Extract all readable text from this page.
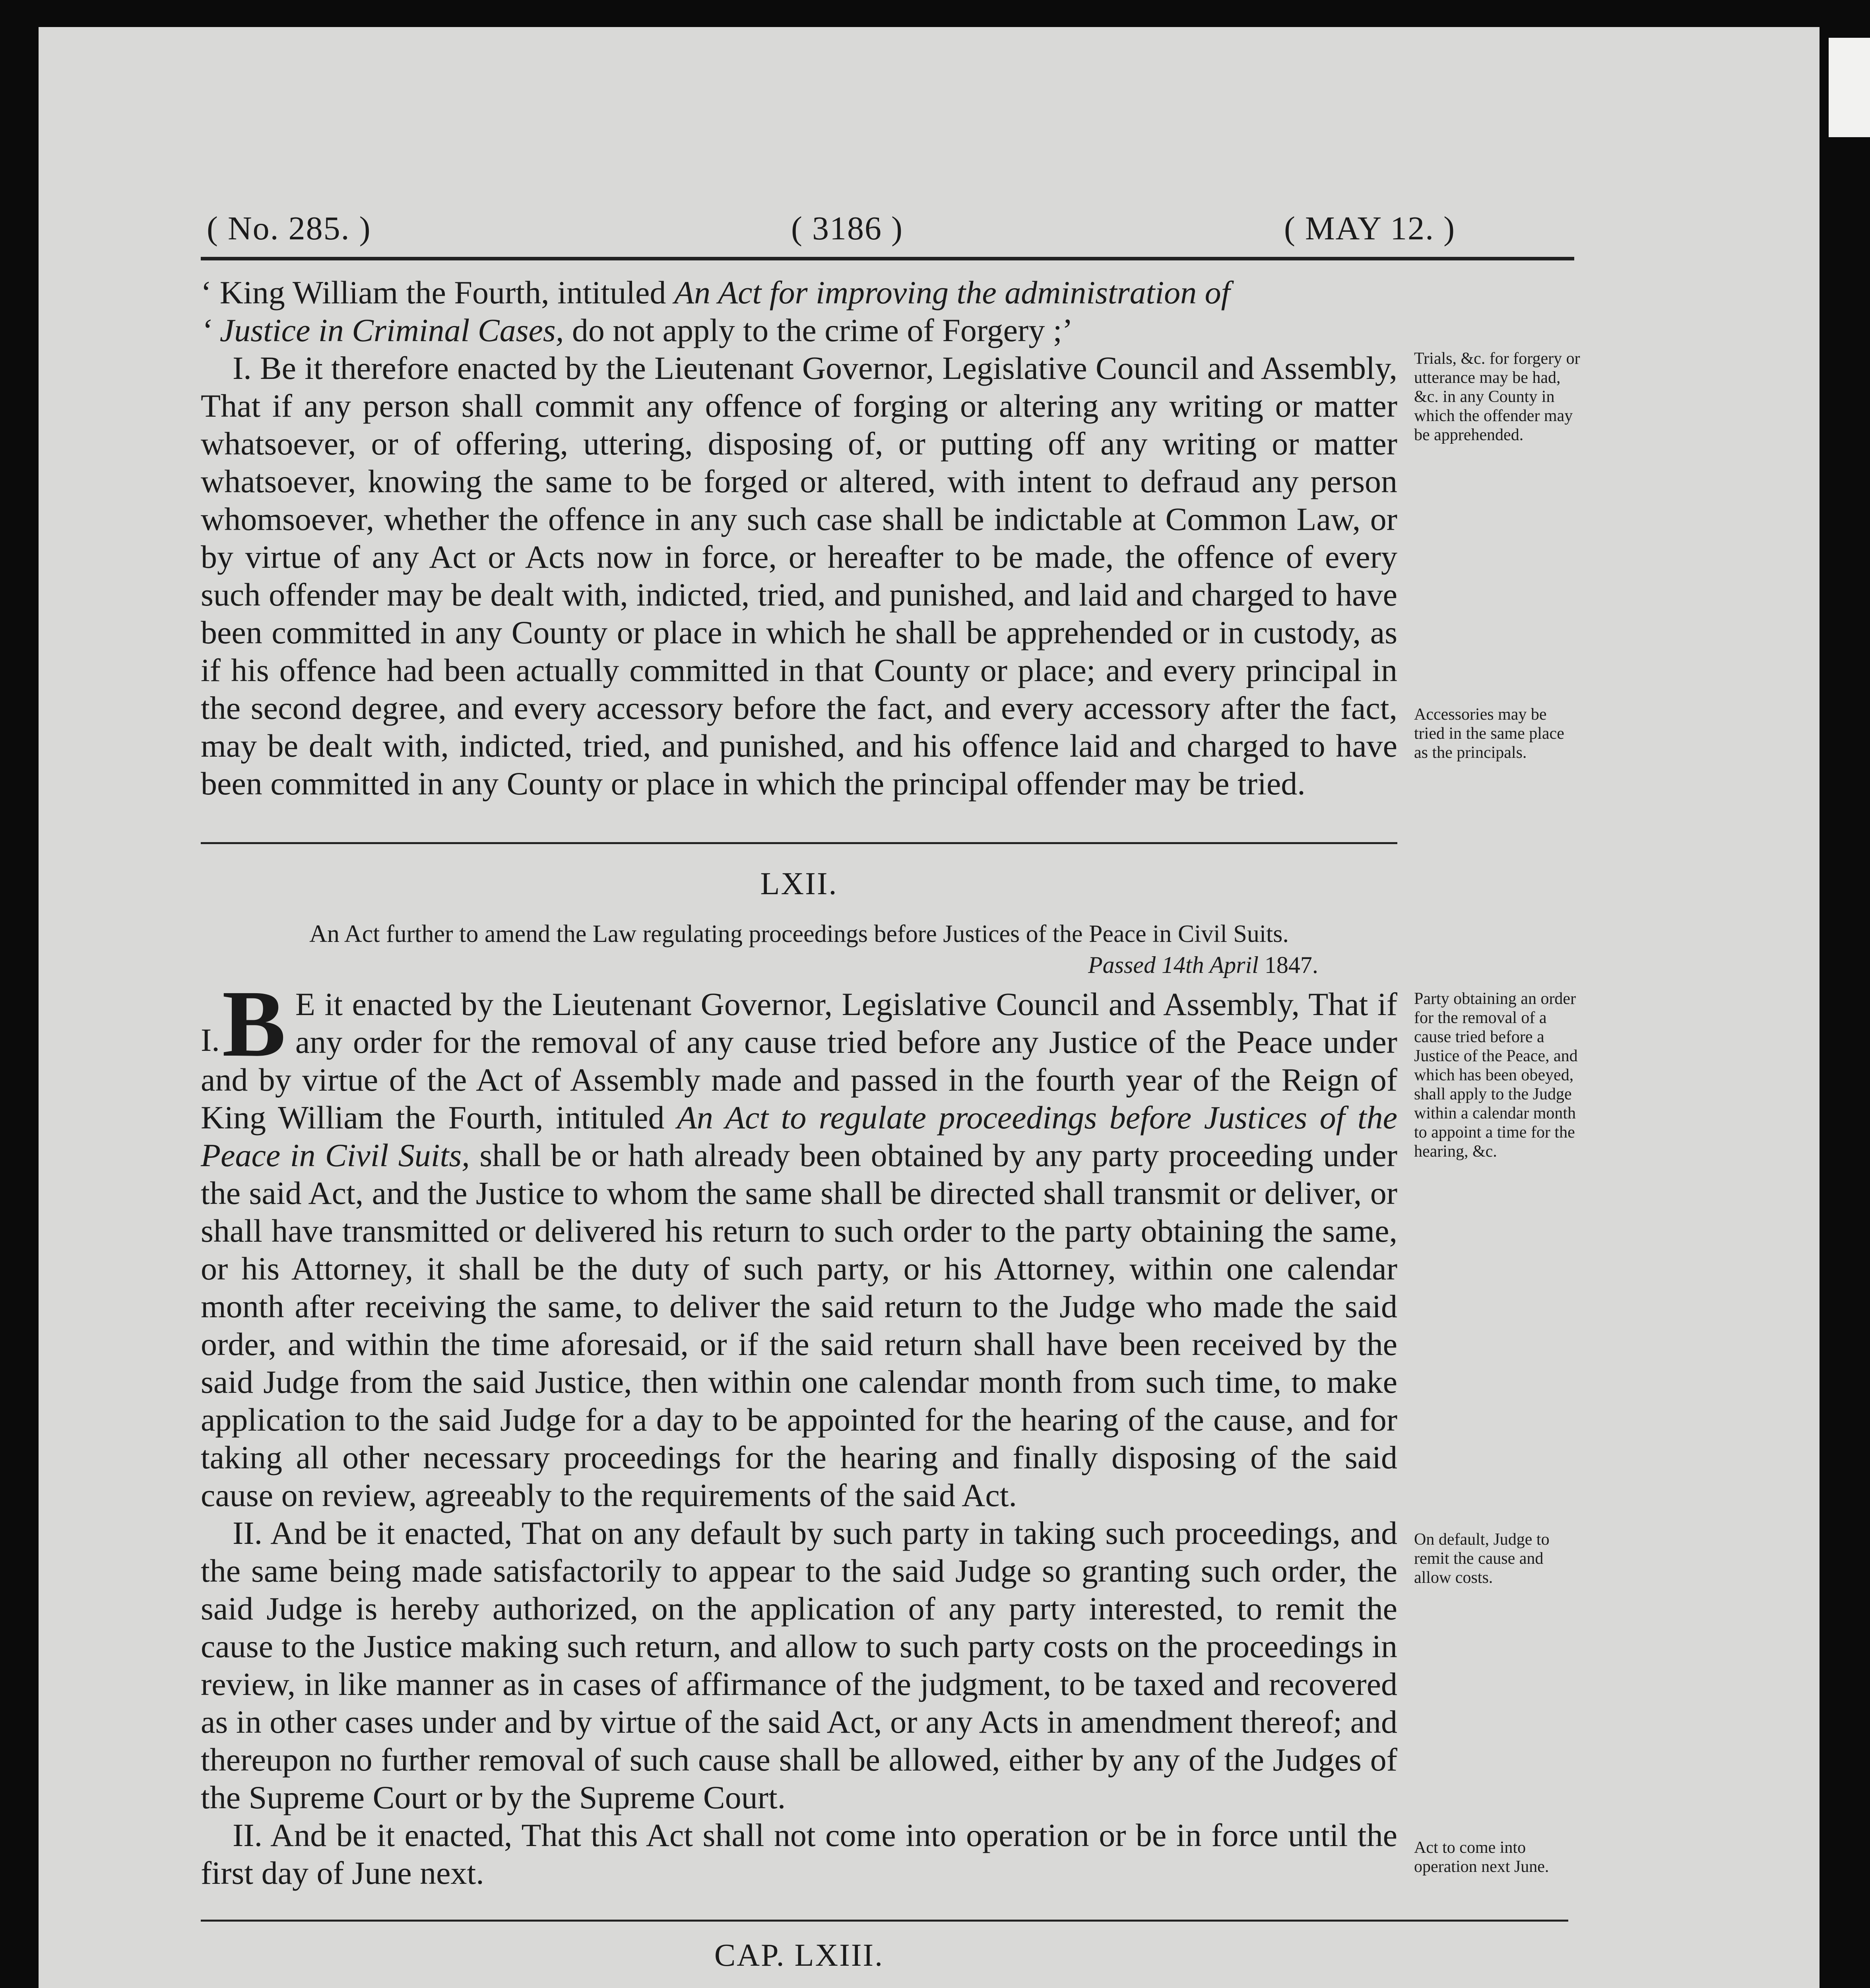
( No. 285. )	( 3186 )	( MAY 12. )

‘ King William the Fourth, intituled An Act for improving the administration of

‘ Justice in Criminal Cases, do not apply to the crime of Forgery ;’

I. Be it therefore enacted by the Lieutenant Governor, Legislative Council and Assembly, That if any person shall commit any offence of forging or altering any writing or matter whatsoever, or of offering, uttering, disposing of, or putting off any writing or matter whatsoever, knowing the same to be forged or altered, with intent to defraud any person whomsoever, whether the offence in any such case shall be indictable at Common Law, or by virtue of any Act or Acts now in force, or hereafter to be made, the offence of every such offender may be dealt with, indicted, tried, and punished, and laid and charged to have been committed in any County or place in which he shall be apprehended or in custody, as if his offence had been actually committed in that County or place; and every principal in the second degree, and every accessory before the fact, and every accessory after the fact, may be dealt with, indicted, tried, and punished, and his offence laid and charged to have been committed in any County or place in which the principal offender may be tried.

Trials, &c. for forgery or utterance may be had, &c. in any County in which the offender may be apprehended.

Accessories may be tried in the same place as the principals.

LXII.
An Act further to amend the Law regulating proceedings before Justices of the Peace in Civil Suits.
Passed 14th April 1847.
I. B E it enacted by the Lieutenant Governor, Legislative Council and Assembly, That if any order for the removal of any cause tried before any Justice of the Peace under and by virtue of the Act of Assembly made and passed in the fourth year of the Reign of King William the Fourth, intituled An Act to regulate proceedings before Justices of the Peace in Civil Suits, shall be or hath already been obtained by any party proceeding under the said Act, and the Justice to whom the same shall be directed shall transmit or deliver, or shall have transmitted or delivered his return to such order to the party obtaining the same, or his Attorney, it shall be the duty of such party, or his Attorney, within one calendar month after receiving the same, to deliver the said return to the Judge who made the said order, and within the time aforesaid, or if the said return shall have been received by the said Judge from the said Justice, then within one calendar month from such time, to make application to the said Judge for a day to be appointed for the hearing of the cause, and for taking all other necessary proceedings for the hearing and finally disposing of the said cause on review, agreeably to the requirements of the said Act.

II. And be it enacted, That on any default by such party in taking such proceedings, and the same being made satisfactorily to appear to the said Judge so granting such order, the said Judge is hereby authorized, on the application of any party interested, to remit the cause to the Justice making such return, and allow to such party costs on the proceedings in review, in like manner as in cases of affirmance of the judgment, to be taxed and recovered as in other cases under and by virtue of the said Act, or any Acts in amendment thereof; and thereupon no further removal of such cause shall be allowed, either by any of the Judges of the Supreme Court or by the Supreme Court.

II. And be it enacted, That this Act shall not come into operation or be in force until the first day of June next.

Party obtaining an order for the removal of a cause tried before a Justice of the Peace, and which has been obeyed, shall apply to the Judge within a calendar month to appoint a time for the hearing, &c.

On default, Judge to remit the cause and allow costs.

Act to come into operation next June.

CAP. LXIII.
